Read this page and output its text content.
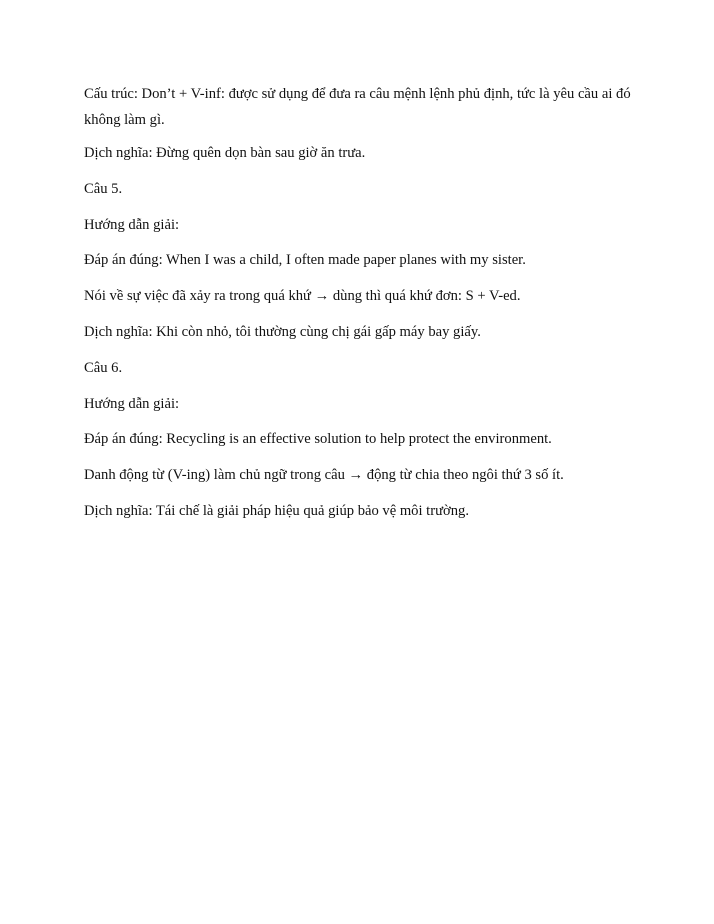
Cấu trúc: Don’t + V-inf: được sử dụng để đưa ra câu mệnh lệnh phủ định, tức là yêu cầu ai đó không làm gì.

Dịch nghĩa: Đừng quên dọn bàn sau giờ ăn trưa.

Câu 5.

Hướng dẫn giải:

Đáp án đúng: When I was a child, I often made paper planes with my sister.

Nói về sự việc đã xảy ra trong quá khứ → dùng thì quá khứ đơn: S + V-ed.

Dịch nghĩa: Khi còn nhỏ, tôi thường cùng chị gái gấp máy bay giấy.

Câu 6.

Hướng dẫn giải:

Đáp án đúng: Recycling is an effective solution to help protect the environment.

Danh động từ (V-ing) làm chủ ngữ trong câu → động từ chia theo ngôi thứ 3 số ít.

Dịch nghĩa: Tái chế là giải pháp hiệu quả giúp bảo vệ môi trường.
